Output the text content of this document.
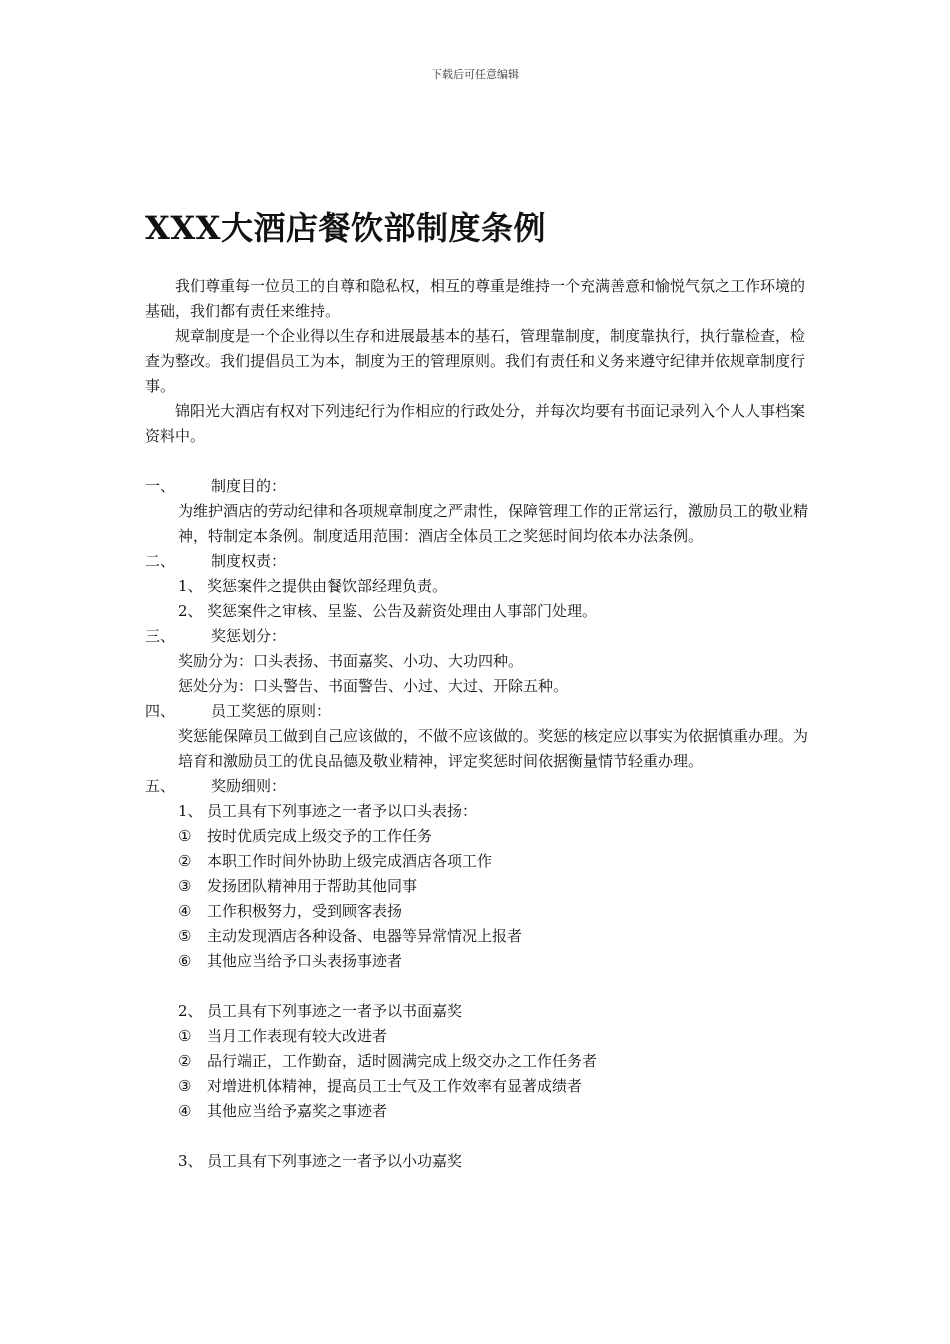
下载后可任意编辑
XXX大酒店餐饮部制度条例

我们尊重每一位员工的自尊和隐私权，相互的尊重是维持一个充满善意和愉悦气氛之工作环境的基础，我们都有责任来维持。

规章制度是一个企业得以生存和进展最基本的基石，管理靠制度，制度靠执行，执行靠检查，检查为整改。我们提倡员工为本，制度为王的管理原则。我们有责任和义务来遵守纪律并依规章制度行事。

锦阳光大酒店有权对下列违纪行为作相应的行政处分，并每次均要有书面记录列入个人人事档案资料中。

一、	制度目的：

为维护酒店的劳动纪律和各项规章制度之严肃性，保障管理工作的正常运行，激励员工的敬业精神，特制定本条例。制度适用范围：酒店全体员工之奖惩时间均依本办法条例。

二、	制度权责：
1、 奖惩案件之提供由餐饮部经理负责。
2、 奖惩案件之审核、呈鉴、公告及薪资处理由人事部门处理。
三、	奖惩划分：

奖励分为：口头表扬、书面嘉奖、小功、大功四种。

惩处分为：口头警告、书面警告、小过、大过、开除五种。

四、	员工奖惩的原则：

奖惩能保障员工做到自己应该做的，不做不应该做的。奖惩的核定应以事实为依据慎重办理。为培育和激励员工的优良品德及敬业精神，评定奖惩时间依据衡量情节轻重办理。

五、	奖励细则：
1、 员工具有下列事迹之一者予以口头表扬：
①	按时优质完成上级交予的工作任务
②	本职工作时间外协助上级完成酒店各项工作
③	发扬团队精神用于帮助其他同事
④	工作积极努力，受到顾客表扬
⑤	主动发现酒店各种设备、电器等异常情况上报者
⑥	其他应当给予口头表扬事迹者
2、 员工具有下列事迹之一者予以书面嘉奖
①	当月工作表现有较大改进者
②	品行端正，工作勤奋，适时圆满完成上级交办之工作任务者
③	对增进机体精神，提高员工士气及工作效率有显著成绩者
④	其他应当给予嘉奖之事迹者
3、 员工具有下列事迹之一者予以小功嘉奖
